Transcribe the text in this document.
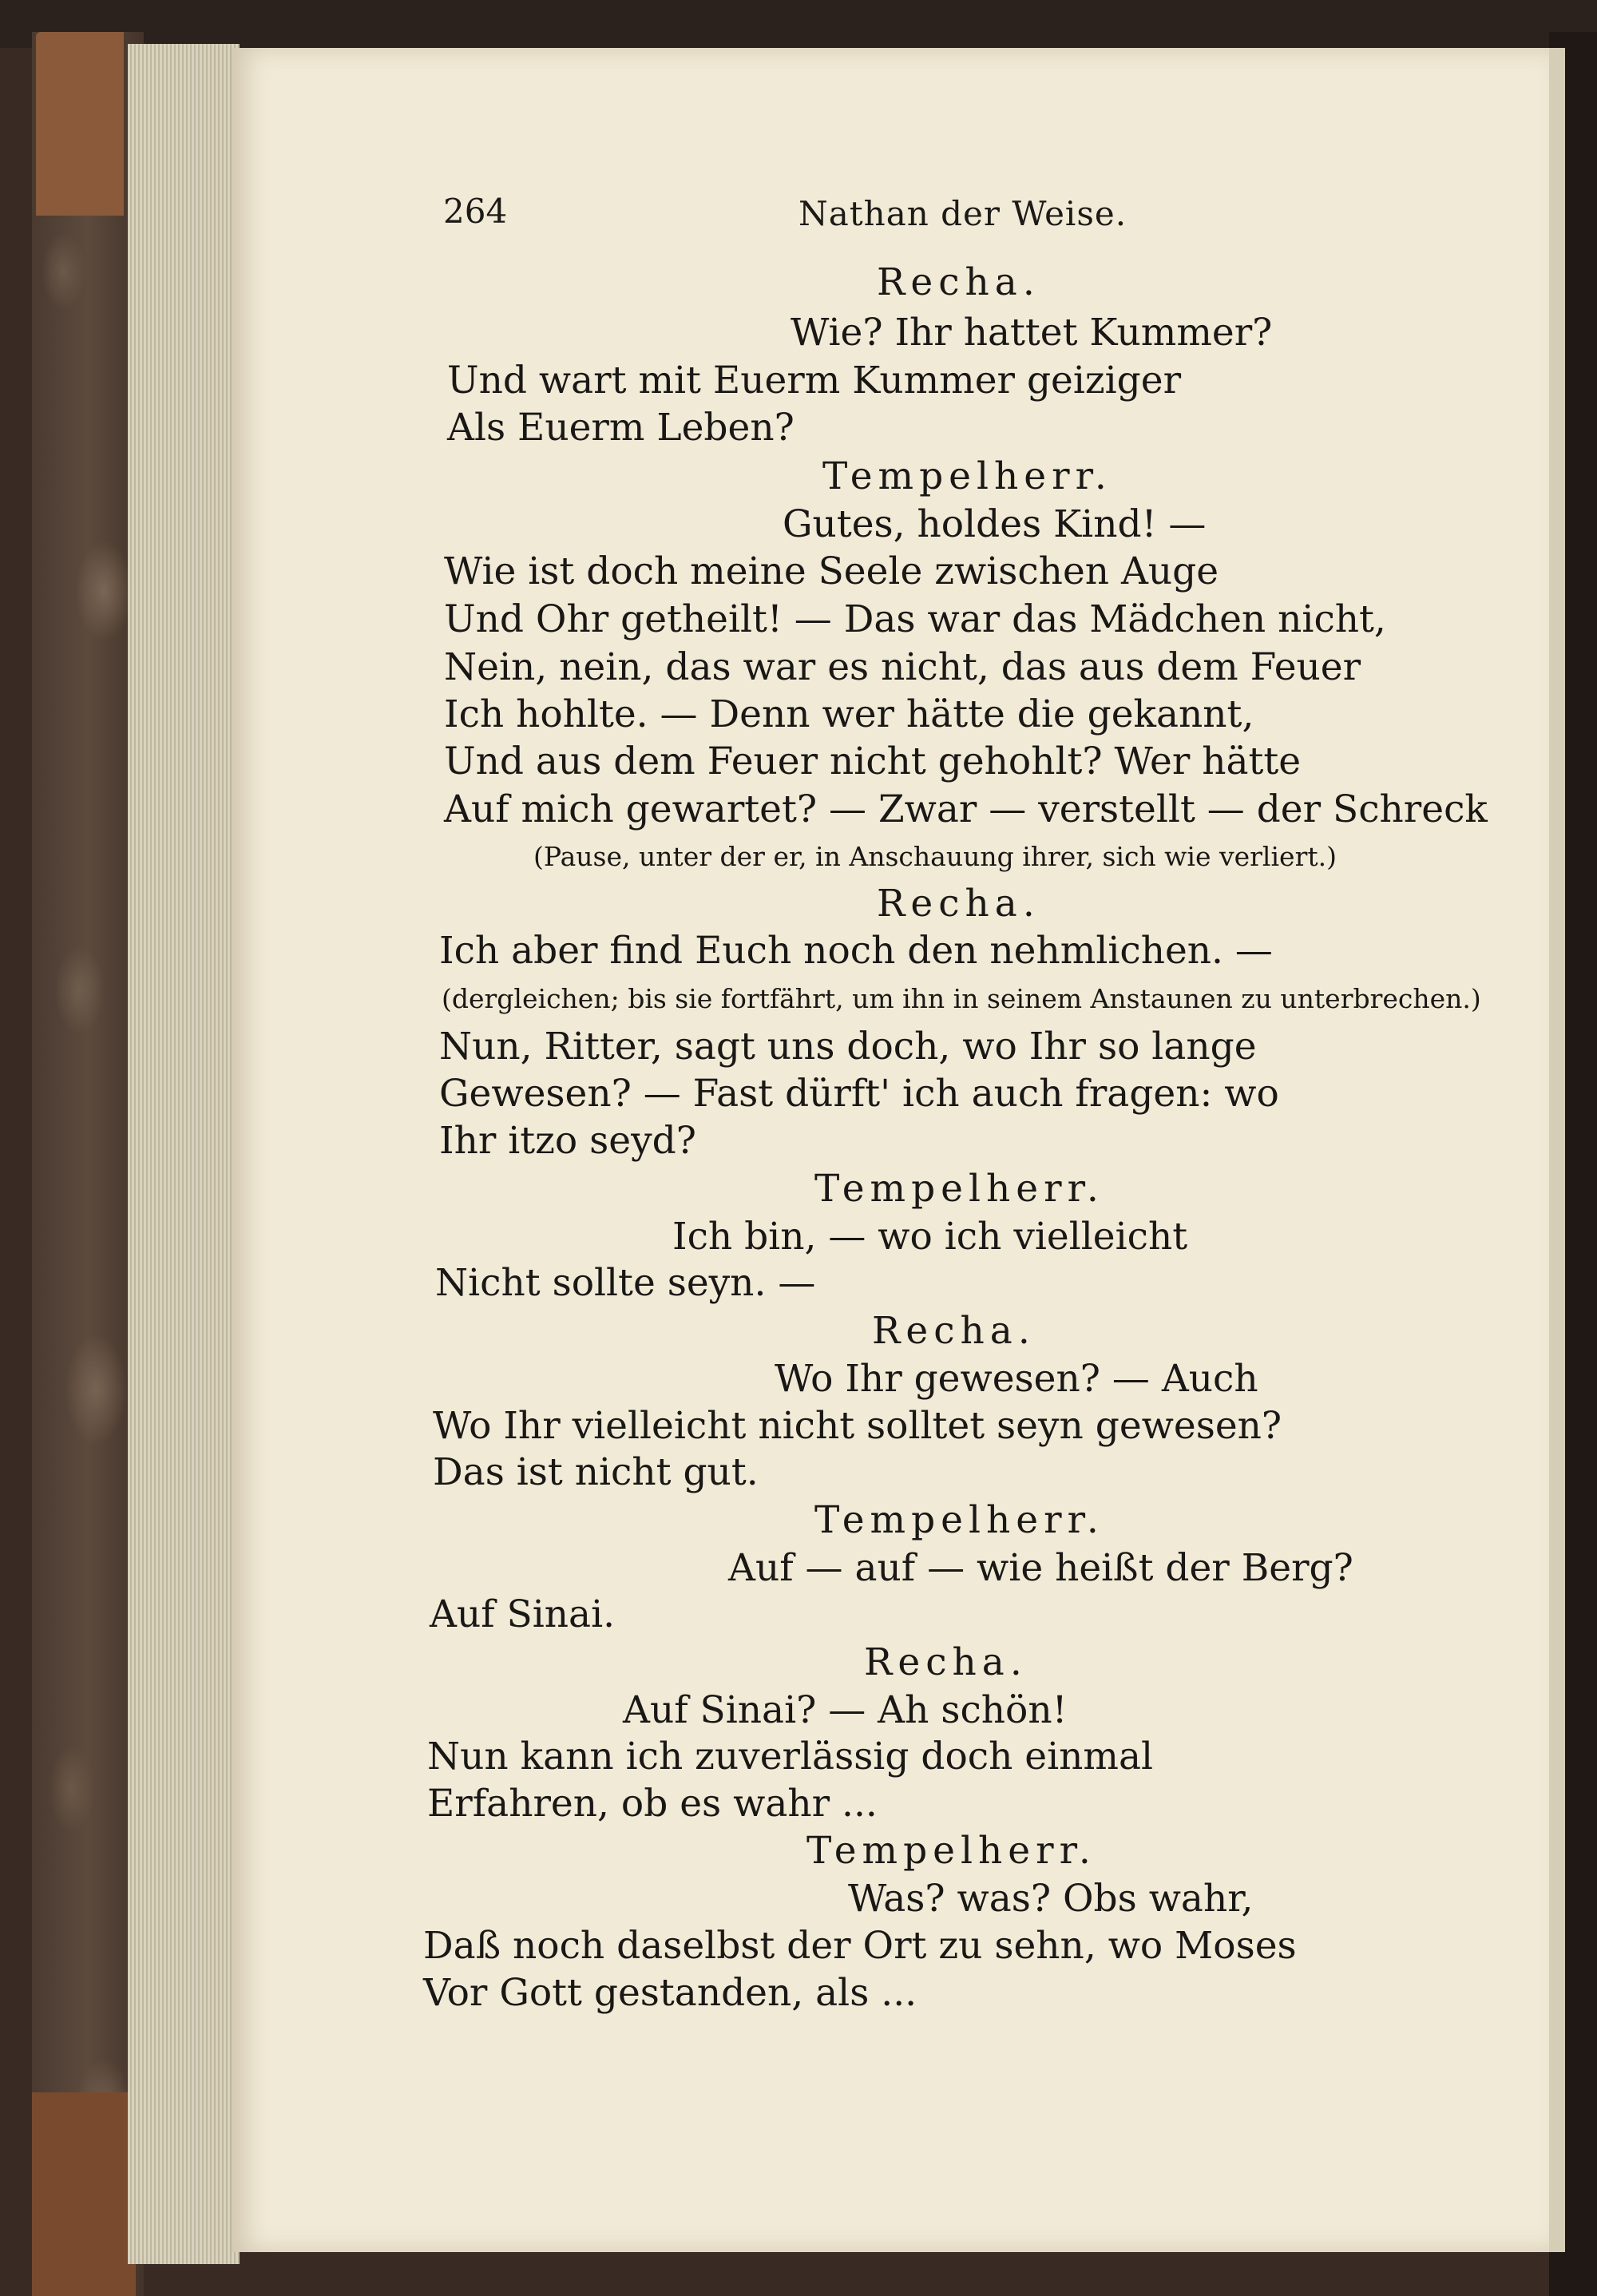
264	Nathan der Weise.
Recha.
Wie? Ihr hattet Kummer?
Und wart mit Euerm Kummer geiziger
Als Euerm Leben?
Tempelherr.
Gutes, holdes Kind! —
Wie ist doch meine Seele zwischen Auge
Und Ohr getheilt! — Das war das Mädchen nicht,
Nein, nein, das war es nicht, das aus dem Feuer
Ich hohlte. — Denn wer hätte die gekannt,
Und aus dem Feuer nicht gehohlt? Wer hätte
Auf mich gewartet? — Zwar — verstellt — der Schreck
(Pause, unter der er, in Anschauung ihrer, sich wie verliert.)
Recha.
Ich aber find Euch noch den nehmlichen. —
(dergleichen; bis sie fortfährt, um ihn in seinem Anstaunen zu unterbrechen.)
Nun, Ritter, sagt uns doch, wo Ihr so lange
Gewesen? — Fast dürft' ich auch fragen: wo
Ihr itzo seyd?
Tempelherr.
Ich bin, — wo ich vielleicht
Nicht sollte seyn. —
Recha.
Wo Ihr gewesen? — Auch
Wo Ihr vielleicht nicht solltet seyn gewesen?
Das ist nicht gut.
Tempelherr.
Auf — auf — wie heißt der Berg?
Auf Sinai.
Recha.
Auf Sinai? — Ah schön!
Nun kann ich zuverlässig doch einmal
Erfahren, ob es wahr ...
Tempelherr.
Was? was? Obs wahr,
Daß noch daselbst der Ort zu sehn, wo Moses
Vor Gott gestanden, als ...
